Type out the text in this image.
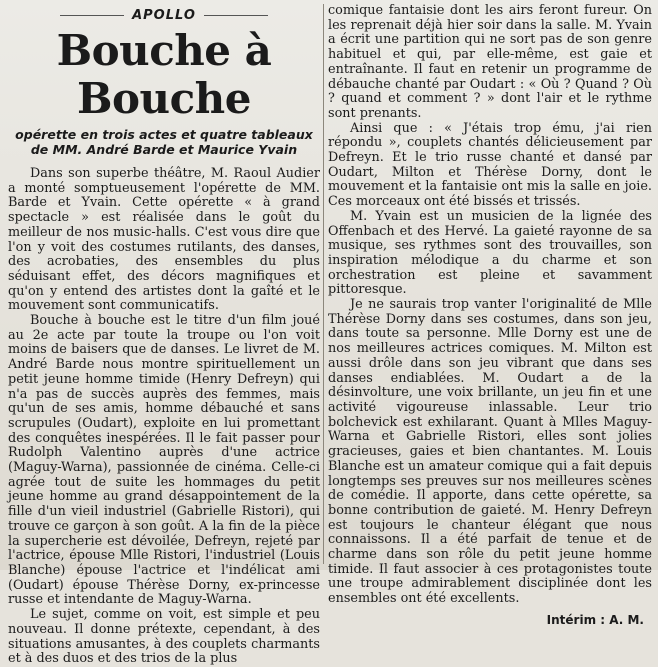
APOLLO
Bouche à Bouche
opérette en trois actes et quatre tableaux de MM. André Barde et Maurice Yvain

Dans son superbe théâtre, M. Raoul Audier a monté somptueusement l'opérette de MM. Barde et Yvain. Cette opérette « à grand spectacle » est réalisée dans le goût du meilleur de nos music-halls. C'est vous dire que l'on y voit des costumes rutilants, des danses, des acrobaties, des ensembles du plus séduisant effet, des décors magnifiques et qu'on y entend des artistes dont la gaîté et le mouvement sont communicatifs.

Bouche à bouche est le titre d'un film joué au 2e acte par toute la troupe ou l'on voit moins de baisers que de danses. Le livret de M. André Barde nous montre spirituellement un petit jeune homme timide (Henry Defreyn) qui n'a pas de succès auprès des femmes, mais qu'un de ses amis, homme débauché et sans scrupules (Oudart), exploite en lui promettant des conquêtes inespérées. Il le fait passer pour Rudolph Valentino auprès d'une actrice (Maguy-Warna), passionnée de cinéma. Celle-ci agrée tout de suite les hommages du petit jeune homme au grand désappointement de la fille d'un vieil industriel (Gabrielle Ristori), qui trouve ce garçon à son goût. A la fin de la pièce la supercherie est dévoilée, Defreyn, rejeté par l'actrice, épouse Mlle Ristori, l'industriel (Louis Blanche) épouse l'actrice et l'indélicat ami (Oudart) épouse Thérèse Dorny, ex-princesse russe et intendante de Maguy-Warna.

Le sujet, comme on voit, est simple et peu nouveau. Il donne prétexte, cependant, à des situations amusantes, à des couplets charmants et à des duos et des trios de la plus

comique fantaisie dont les airs feront fureur. On les reprenait déjà hier soir dans la salle. M. Yvain a écrit une partition qui ne sort pas de son genre habituel et qui, par elle-même, est gaie et entraînante. Il faut en retenir un programme de débauche chanté par Oudart : « Où ? Quand ? Où ? quand et comment ? » dont l'air et le rythme sont prenants.

Ainsi que : « J'étais trop ému, j'ai rien répondu », couplets chantés délicieusement par Defreyn. Et le trio russe chanté et dansé par Oudart, Milton et Thérèse Dorny, dont le mouvement et la fantaisie ont mis la salle en joie. Ces morceaux ont été bissés et trissés.

M. Yvain est un musicien de la lignée des Offenbach et des Hervé. La gaieté rayonne de sa musique, ses rythmes sont des trouvailles, son inspiration mélodique a du charme et son orchestration est pleine et savamment pittoresque.

Je ne saurais trop vanter l'originalité de Mlle Thérèse Dorny dans ses costumes, dans son jeu, dans toute sa personne. Mlle Dorny est une de nos meilleures actrices comiques. M. Milton est aussi drôle dans son jeu vibrant que dans ses danses endiablées. M. Oudart a de la désinvolture, une voix brillante, un jeu fin et une activité vigoureuse inlassable. Leur trio bolchevick est exhilarant. Quant à Mlles Maguy-Warna et Gabrielle Ristori, elles sont jolies gracieuses, gaies et bien chantantes. M. Louis Blanche est un amateur comique qui a fait depuis longtemps ses preuves sur nos meilleures scènes de comédie. Il apporte, dans cette opérette, sa bonne contribution de gaieté. M. Henry Defreyn est toujours le chanteur élégant que nous connaissons. Il a été parfait de tenue et de charme dans son rôle du petit jeune homme timide. Il faut associer à ces protagonistes toute une troupe admirablement disciplinée dont les ensembles ont été excellents.

Intérim : A. M.
